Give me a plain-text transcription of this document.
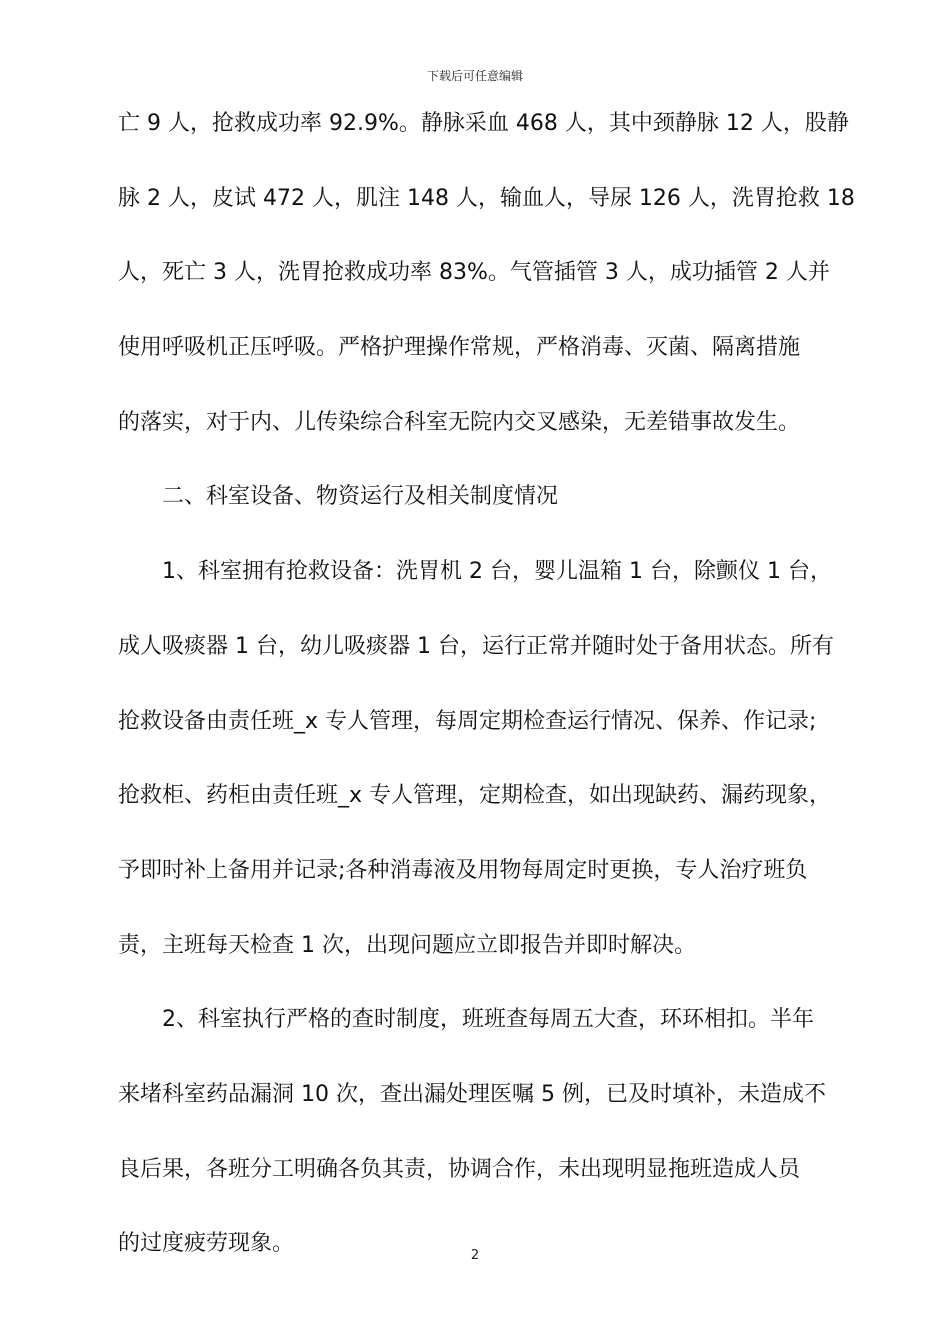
下载后可任意编辑
亡 9 人，抢救成功率 92.9%。静脉采血 468 人，其中颈静脉 12 人，股静
脉 2 人，皮试 472 人，肌注 148 人，输血人，导尿 126 人，洗胃抢救 18
人，死亡 3 人，洗胃抢救成功率 83%。气管插管 3 人，成功插管 2 人并
使用呼吸机正压呼吸。严格护理操作常规，严格消毒、灭菌、隔离措施
的落实，对于内、儿传染综合科室无院内交叉感染，无差错事故发生。
二、科室设备、物资运行及相关制度情况
1、科室拥有抢救设备：洗胃机 2 台，婴儿温箱 1 台，除颤仪 1 台，
成人吸痰器 1 台，幼儿吸痰器 1 台，运行正常并随时处于备用状态。所有
抢救设备由责任班_x 专人管理，每周定期检查运行情况、保养、作记录;
抢救柜、药柜由责任班_x 专人管理，定期检查，如出现缺药、漏药现象，
予即时补上备用并记录;各种消毒液及用物每周定时更换，专人治疗班负
责，主班每天检查 1 次，出现问题应立即报告并即时解决。
2、科室执行严格的查时制度，班班查每周五大查，环环相扣。半年
来堵科室药品漏洞 10 次，查出漏处理医嘱 5 例，已及时填补，未造成不
良后果，各班分工明确各负其责，协调合作，未出现明显拖班造成人员
的过度疲劳现象。	2
